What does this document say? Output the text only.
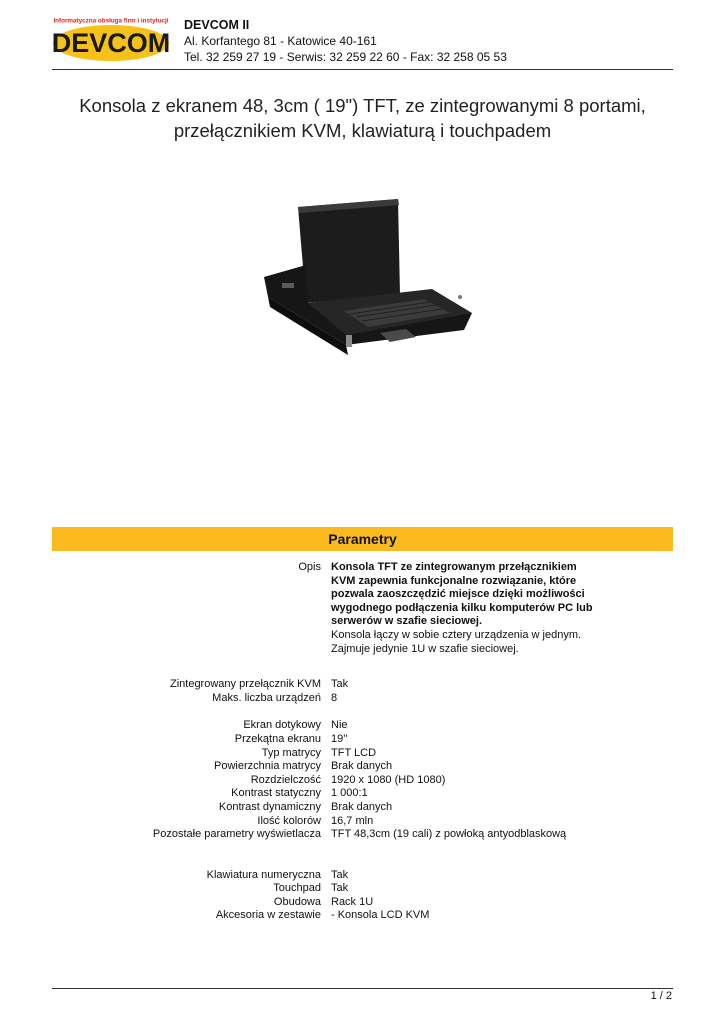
Informatyczna obsługa firm i instytucji
DEVCOM
DEVCOM II
Al. Korfantego 81 - Katowice 40-161
Tel. 32 259 27 19 - Serwis: 32 259 22 60 - Fax: 32 258 05 53
Konsola z ekranem 48, 3cm ( 19") TFT, ze zintegrowanymi 8 portami,
przełącznikiem KVM, klawiaturą i touchpadem
Parametry
Opis Konsola TFT ze zintegrowanym przełącznikiem
KVM zapewnia funkcjonalne rozwiązanie, które
pozwala zaoszczędzić miejsce dzięki możliwości
wygodnego podłączenia kilku komputerów PC lub
serwerów w szafie sieciowej.
Konsola łączy w sobie cztery urządzenia w jednym.
Zajmuje jedynie 1U w szafie sieciowej.
Zintegrowany przełącznik KVM Tak
Maks. liczba urządzeń 8
Ekran dotykowy Nie
Przekątna ekranu 19''
Typ matrycy TFT LCD
Powierzchnia matrycy Brak danych
Rozdzielczość 1920 x 1080 (HD 1080)
Kontrast statyczny 1 000:1
Kontrast dynamiczny Brak danych
Ilość kolorów 16,7 mln
Pozostałe parametry wyświetlacza TFT 48,3cm (19 cali) z powłoką antyodblaskową
Klawiatura numeryczna Tak
Touchpad Tak
Obudowa Rack 1U
Akcesoria w zestawie - Konsola LCD KVM
1 / 2
